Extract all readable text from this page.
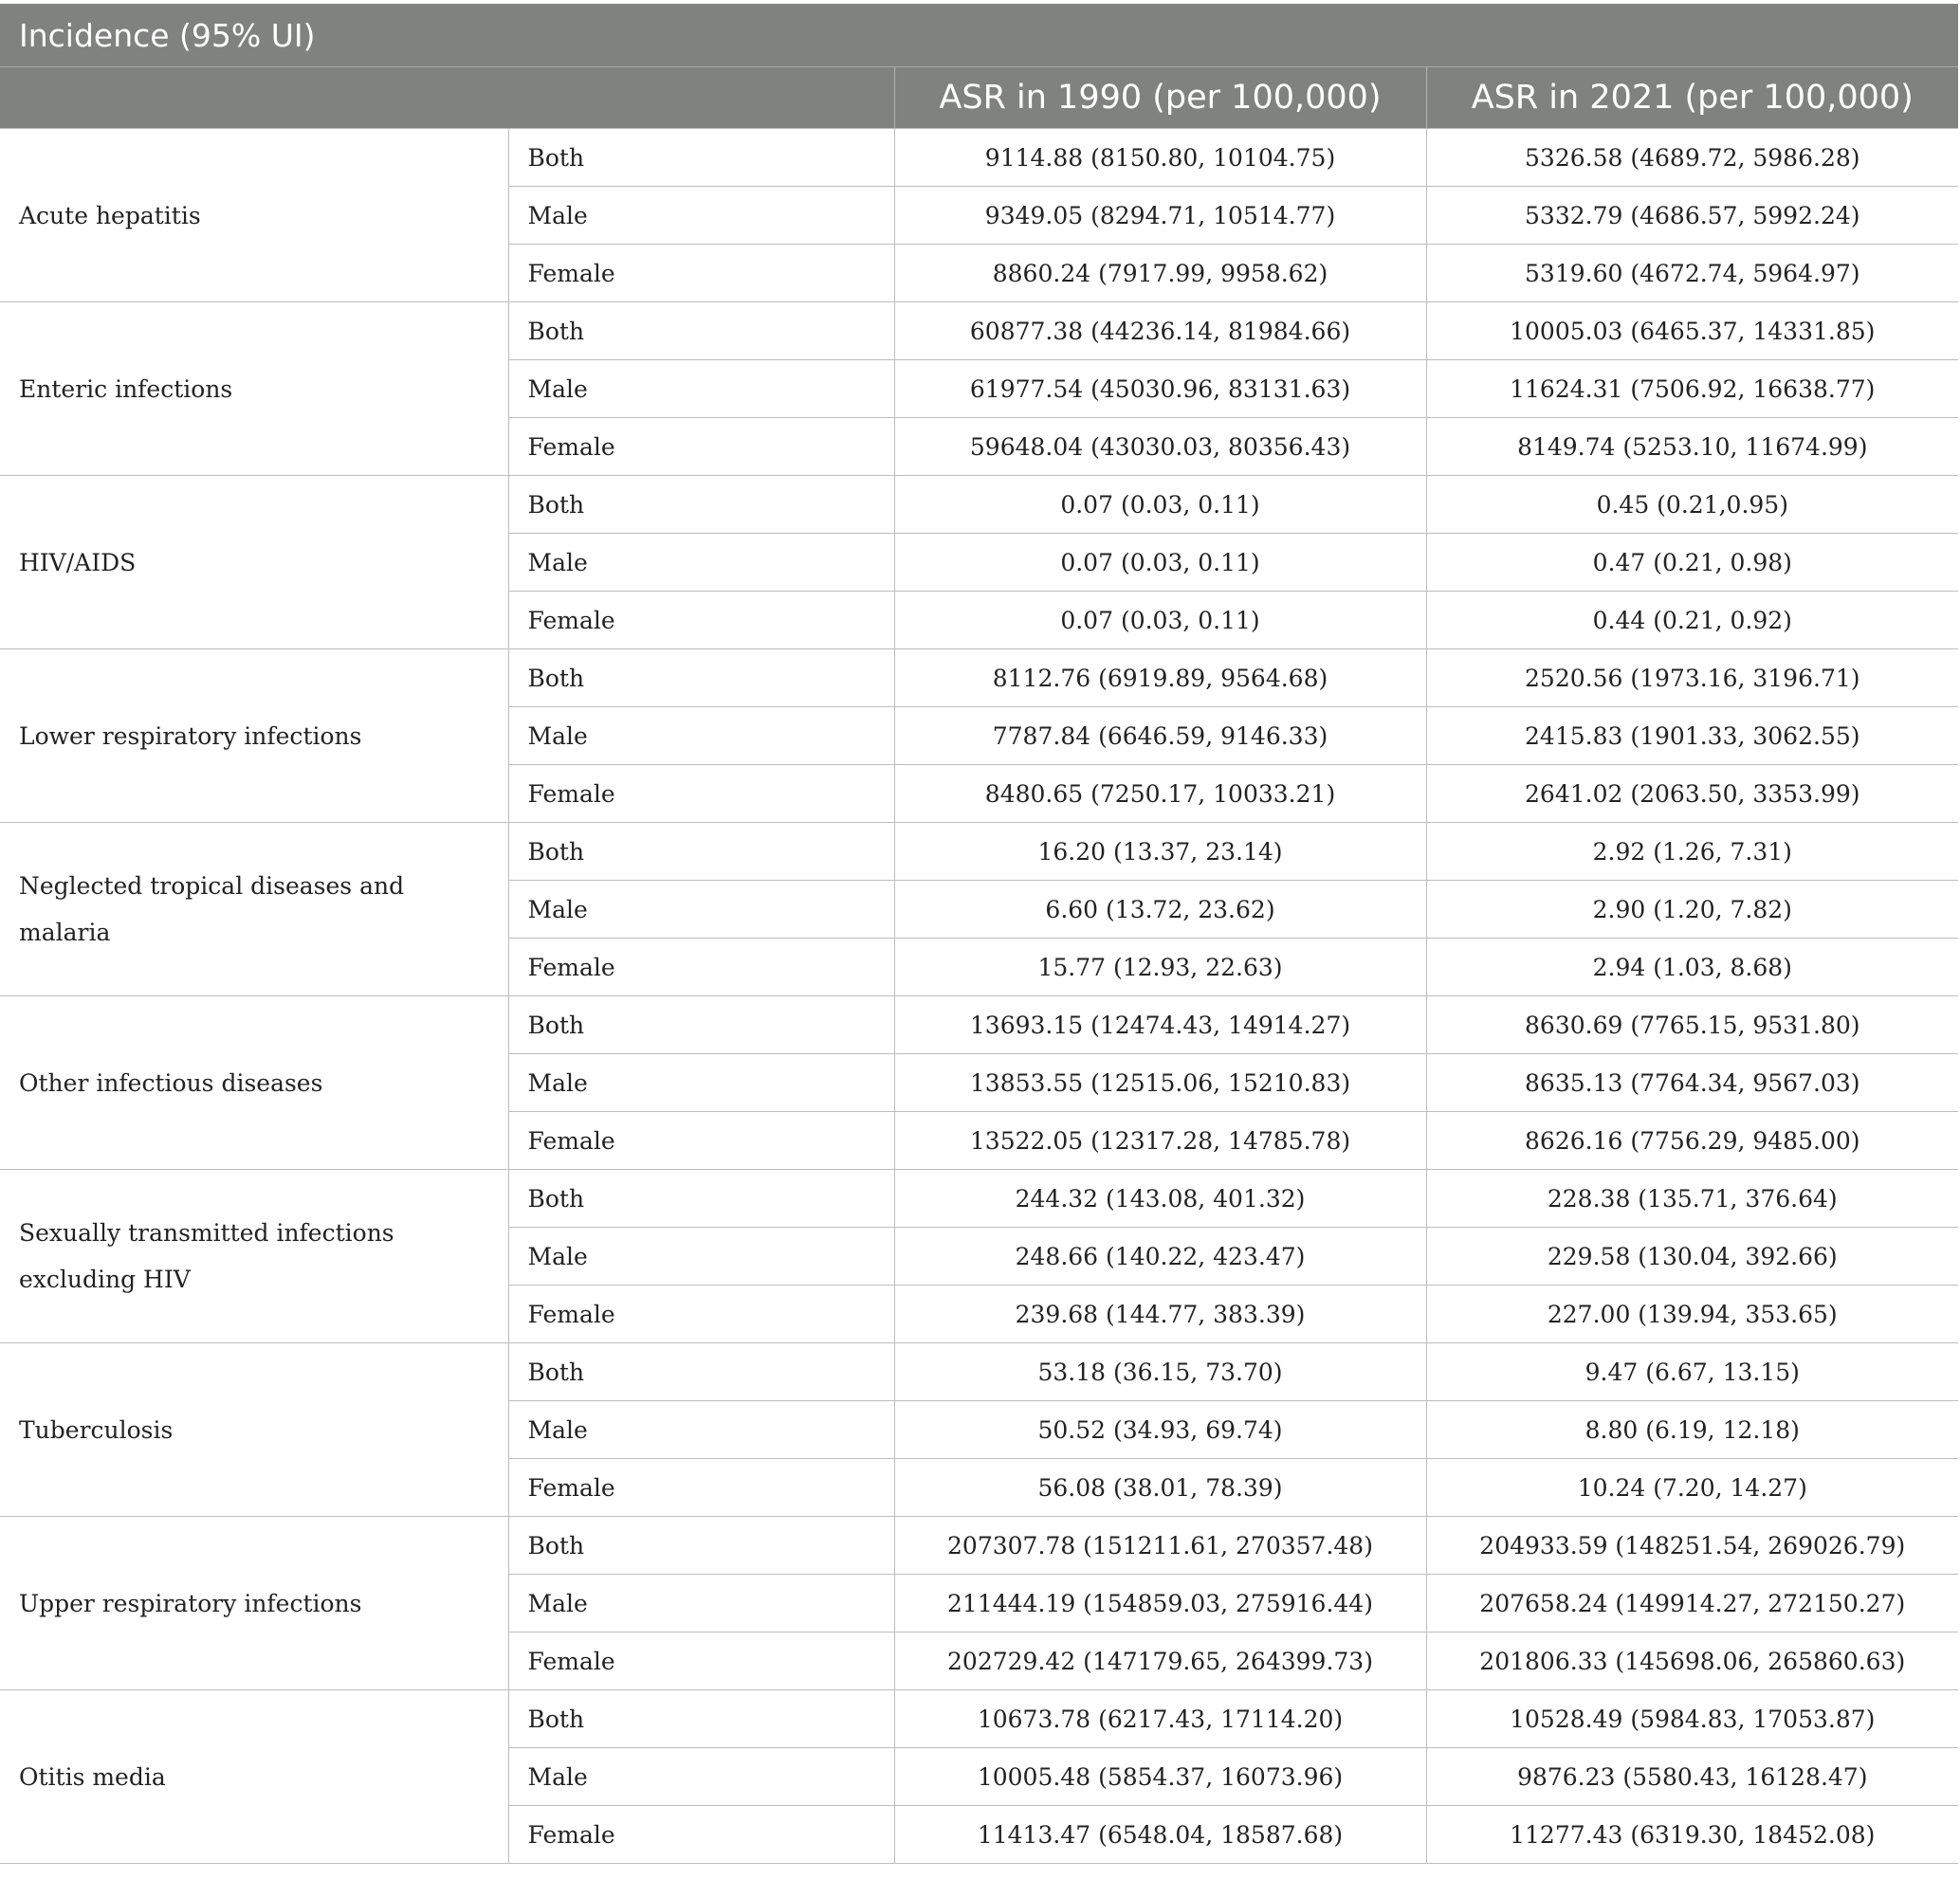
Incidence (95% UI)			
		ASR in 1990 (per 100,000)	ASR in 2021 (per 100,000)
Acute hepatitis	Both	9114.88 (8150.80, 10104.75)	5326.58 (4689.72, 5986.28)
	Male	9349.05 (8294.71, 10514.77)	5332.79 (4686.57, 5992.24)
	Female	8860.24 (7917.99, 9958.62)	5319.60 (4672.74, 5964.97)
Enteric infections	Both	60877.38 (44236.14, 81984.66)	10005.03 (6465.37, 14331.85)
	Male	61977.54 (45030.96, 83131.63)	11624.31 (7506.92, 16638.77)
	Female	59648.04 (43030.03, 80356.43)	8149.74 (5253.10, 11674.99)
HIV/AIDS	Both	0.07 (0.03, 0.11)	0.45 (0.21,0.95)
	Male	0.07 (0.03, 0.11)	0.47 (0.21, 0.98)
	Female	0.07 (0.03, 0.11)	0.44 (0.21, 0.92)
Lower respiratory infections	Both	8112.76 (6919.89, 9564.68)	2520.56 (1973.16, 3196.71)
	Male	7787.84 (6646.59, 9146.33)	2415.83 (1901.33, 3062.55)
	Female	8480.65 (7250.17, 10033.21)	2641.02 (2063.50, 3353.99)
Neglected tropical diseases and malaria	Both	16.20 (13.37, 23.14)	2.92 (1.26, 7.31)
	Male	6.60 (13.72, 23.62)	2.90 (1.20, 7.82)
	Female	15.77 (12.93, 22.63)	2.94 (1.03, 8.68)
Other infectious diseases	Both	13693.15 (12474.43, 14914.27)	8630.69 (7765.15, 9531.80)
	Male	13853.55 (12515.06, 15210.83)	8635.13 (7764.34, 9567.03)
	Female	13522.05 (12317.28, 14785.78)	8626.16 (7756.29, 9485.00)
Sexually transmitted infections excluding HIV	Both	244.32 (143.08, 401.32)	228.38 (135.71, 376.64)
	Male	248.66 (140.22, 423.47)	229.58 (130.04, 392.66)
	Female	239.68 (144.77, 383.39)	227.00 (139.94, 353.65)
Tuberculosis	Both	53.18 (36.15, 73.70)	9.47 (6.67, 13.15)
	Male	50.52 (34.93, 69.74)	8.80 (6.19, 12.18)
	Female	56.08 (38.01, 78.39)	10.24 (7.20, 14.27)
Upper respiratory infections	Both	207307.78 (151211.61, 270357.48)	204933.59 (148251.54, 269026.79)
	Male	211444.19 (154859.03, 275916.44)	207658.24 (149914.27, 272150.27)
	Female	202729.42 (147179.65, 264399.73)	201806.33 (145698.06, 265860.63)
Otitis media	Both	10673.78 (6217.43, 17114.20)	10528.49 (5984.83, 17053.87)
	Male	10005.48 (5854.37, 16073.96)	9876.23 (5580.43, 16128.47)
	Female	11413.47 (6548.04, 18587.68)	11277.43 (6319.30, 18452.08)
